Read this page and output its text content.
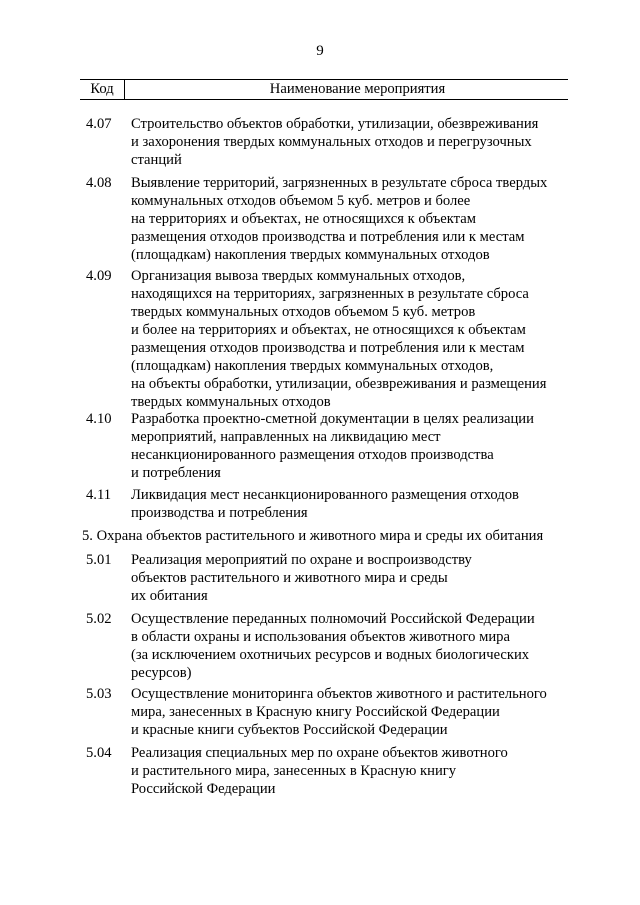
9
Код	Наименование мероприятия
4.07 Строительство объектов обработки, утилизации, обезвреживания
и захоронения твердых коммунальных отходов и перегрузочных
станций
4.08 Выявление территорий, загрязненных в результате сброса твердых
коммунальных отходов объемом 5 куб. метров и более
на территориях и объектах, не относящихся к объектам
размещения отходов производства и потребления или к местам
(площадкам) накопления твердых коммунальных отходов
4.09 Организация вывоза твердых коммунальных отходов,
находящихся на территориях, загрязненных в результате сброса
твердых коммунальных отходов объемом 5 куб. метров
и более на территориях и объектах, не относящихся к объектам
размещения отходов производства и потребления или к местам
(площадкам) накопления твердых коммунальных отходов,
на объекты обработки, утилизации, обезвреживания и размещения
твердых коммунальных отходов
4.10 Разработка проектно-сметной документации в целях реализации
мероприятий, направленных на ликвидацию мест
несанкционированного размещения отходов производства
и потребления
4.11 Ликвидация мест несанкционированного размещения отходов
производства и потребления
5. Охрана объектов растительного и животного мира и среды их обитания
5.01 Реализация мероприятий по охране и воспроизводству
объектов растительного и животного мира и среды
их обитания
5.02 Осуществление переданных полномочий Российской Федерации
в области охраны и использования объектов животного мира
(за исключением охотничьих ресурсов и водных биологических
ресурсов)
5.03 Осуществление мониторинга объектов животного и растительного
мира, занесенных в Красную книгу Российской Федерации
и красные книги субъектов Российской Федерации
5.04 Реализация специальных мер по охране объектов животного
и растительного мира, занесенных в Красную книгу
Российской Федерации
